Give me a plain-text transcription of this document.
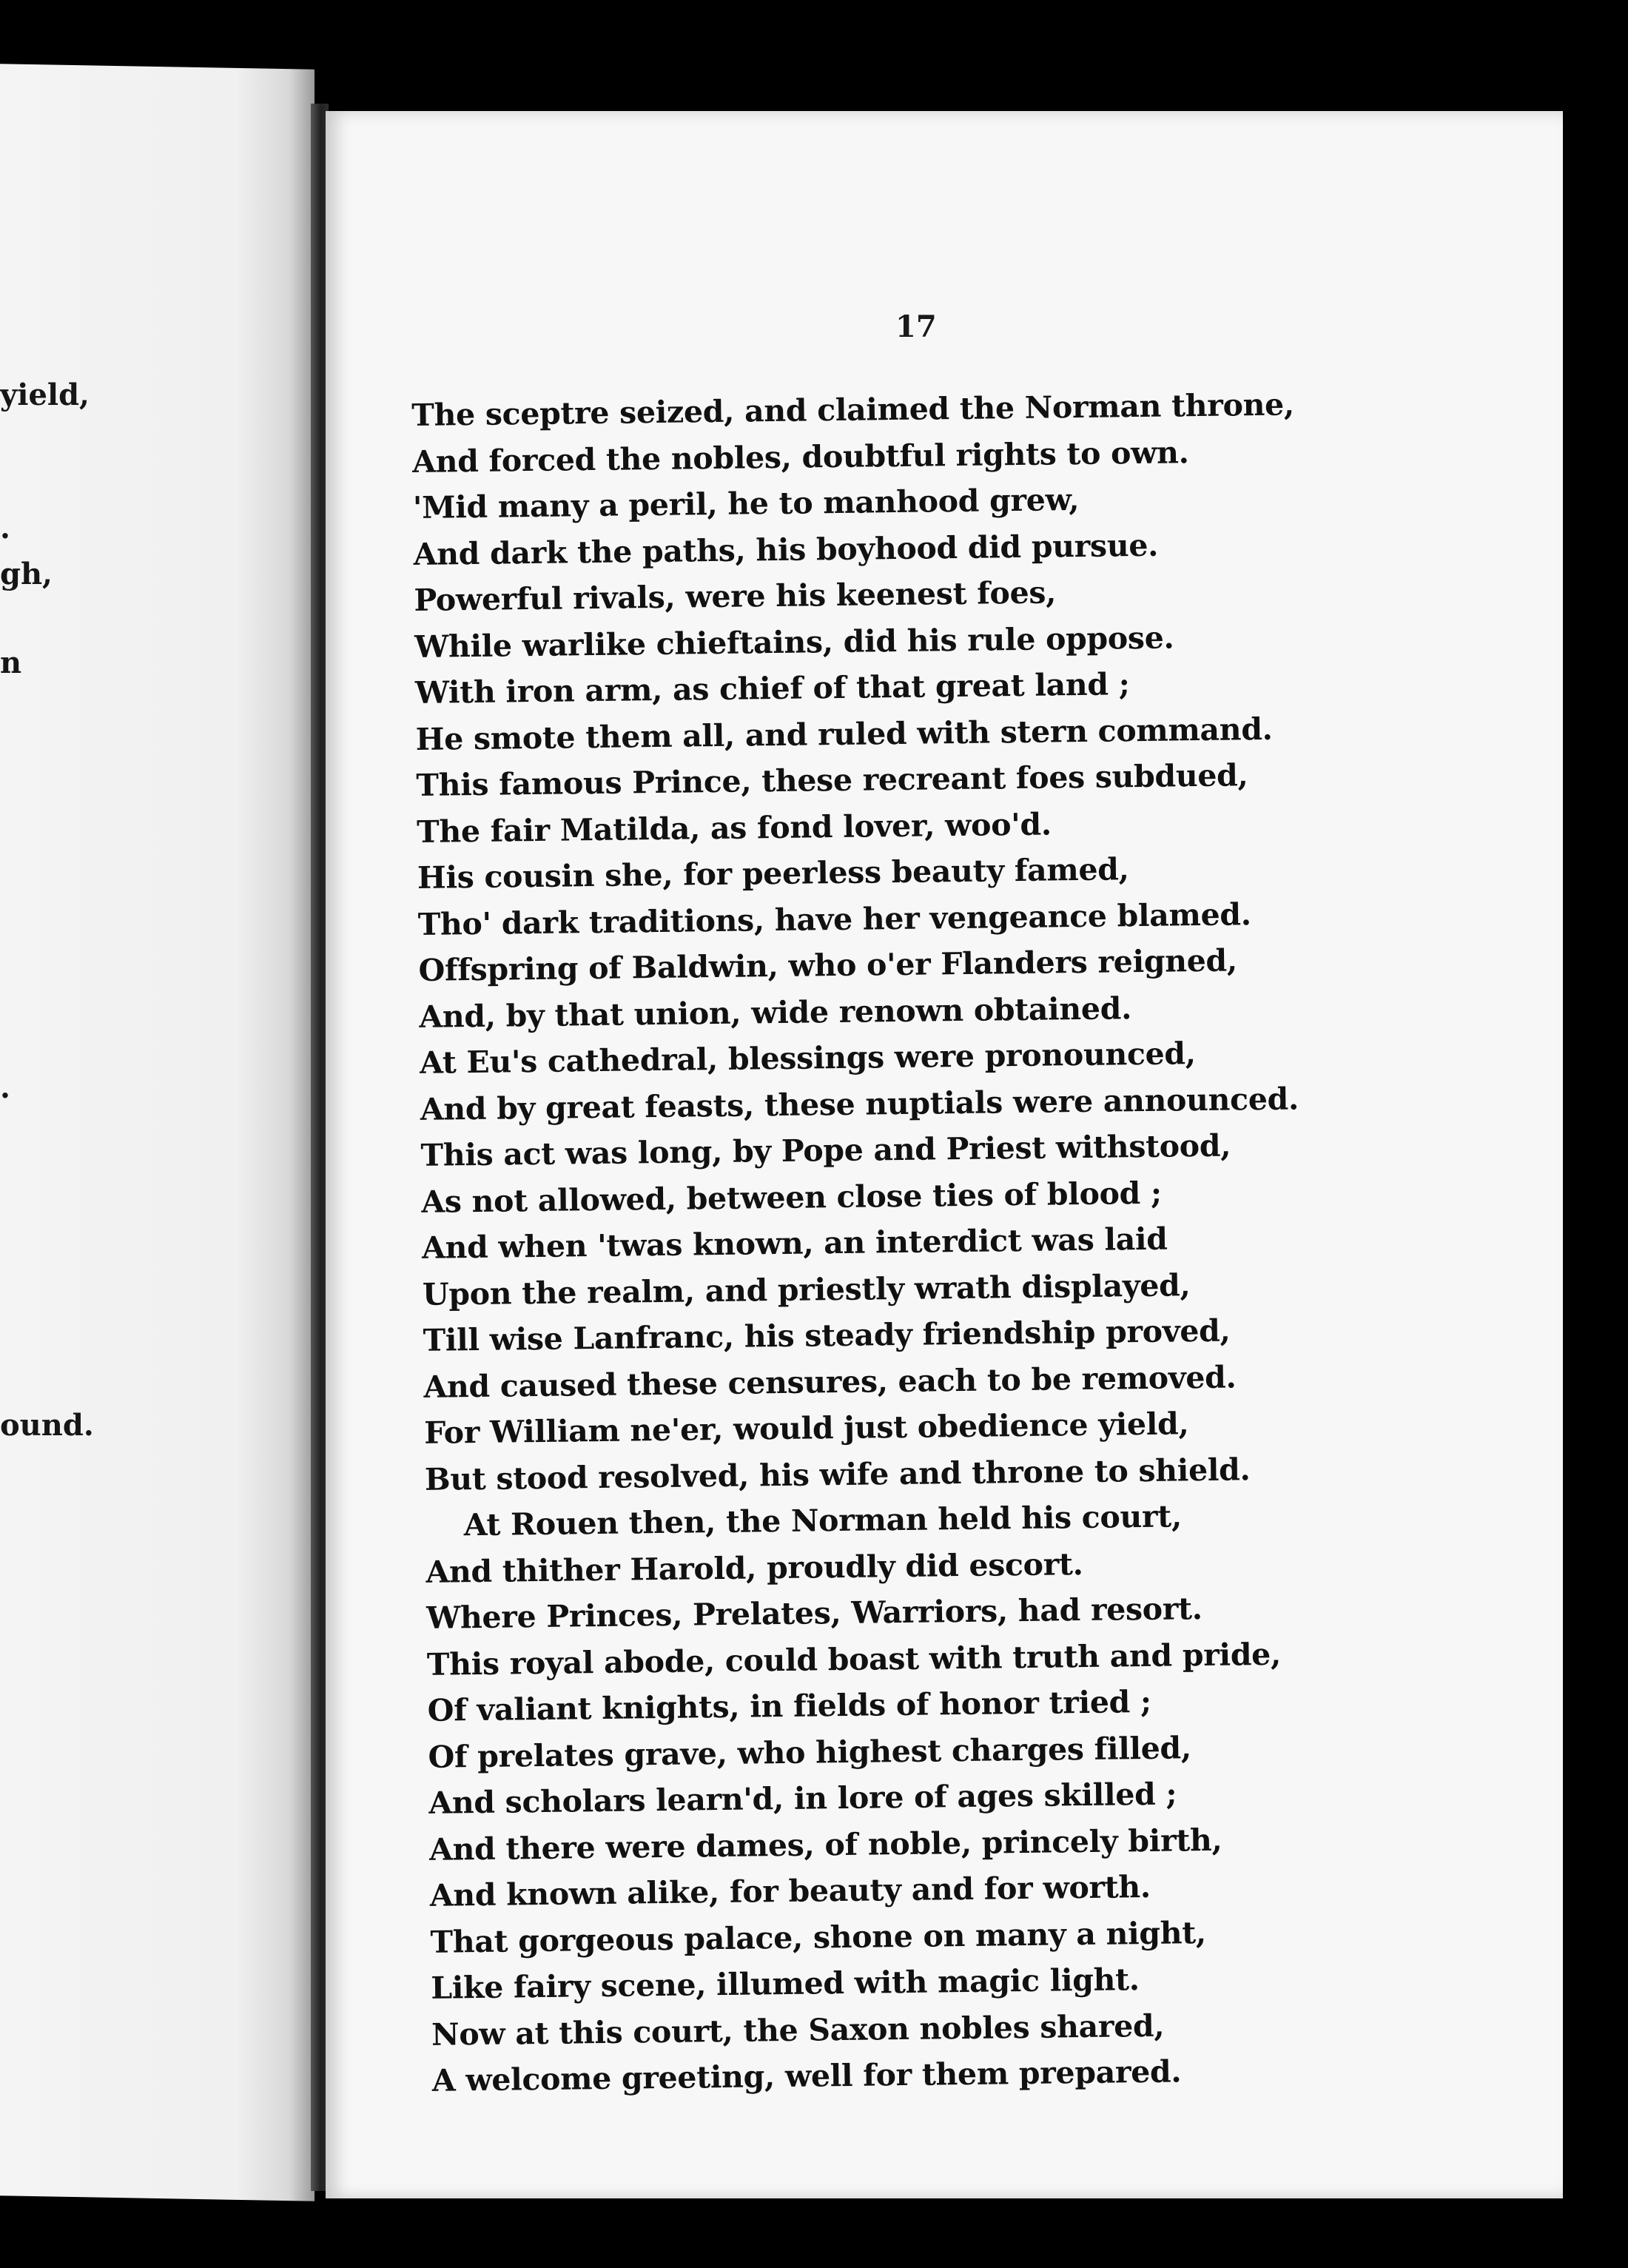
yield,
.
gh,
n
.
ound.
17
The sceptre seized, and claimed the Norman throne,
And forced the nobles, doubtful rights to own.
'Mid many a peril, he to manhood grew,
And dark the paths, his boyhood did pursue.
Powerful rivals, were his keenest foes,
While warlike chieftains, did his rule oppose.
With iron arm, as chief of that great land ;
He smote them all, and ruled with stern command.
This famous Prince, these recreant foes subdued,
The fair Matilda, as fond lover, woo'd.
His cousin she, for peerless beauty famed,
Tho' dark traditions, have her vengeance blamed.
Offspring of Baldwin, who o'er Flanders reigned,
And, by that union, wide renown obtained.
At Eu's cathedral, blessings were pronounced,
And by great feasts, these nuptials were announced.
This act was long, by Pope and Priest withstood,
As not allowed, between close ties of blood ;
And when 'twas known, an interdict was laid
Upon the realm, and priestly wrath displayed,
Till wise Lanfranc, his steady friendship proved,
And caused these censures, each to be removed.
For William ne'er, would just obedience yield,
But stood resolved, his wife and throne to shield.
At Rouen then, the Norman held his court,
And thither Harold, proudly did escort.
Where Princes, Prelates, Warriors, had resort.
This royal abode, could boast with truth and pride,
Of valiant knights, in fields of honor tried ;
Of prelates grave, who highest charges filled,
And scholars learn'd, in lore of ages skilled ;
And there were dames, of noble, princely birth,
And known alike, for beauty and for worth.
That gorgeous palace, shone on many a night,
Like fairy scene, illumed with magic light.
Now at this court, the Saxon nobles shared,
A welcome greeting, well for them prepared.
